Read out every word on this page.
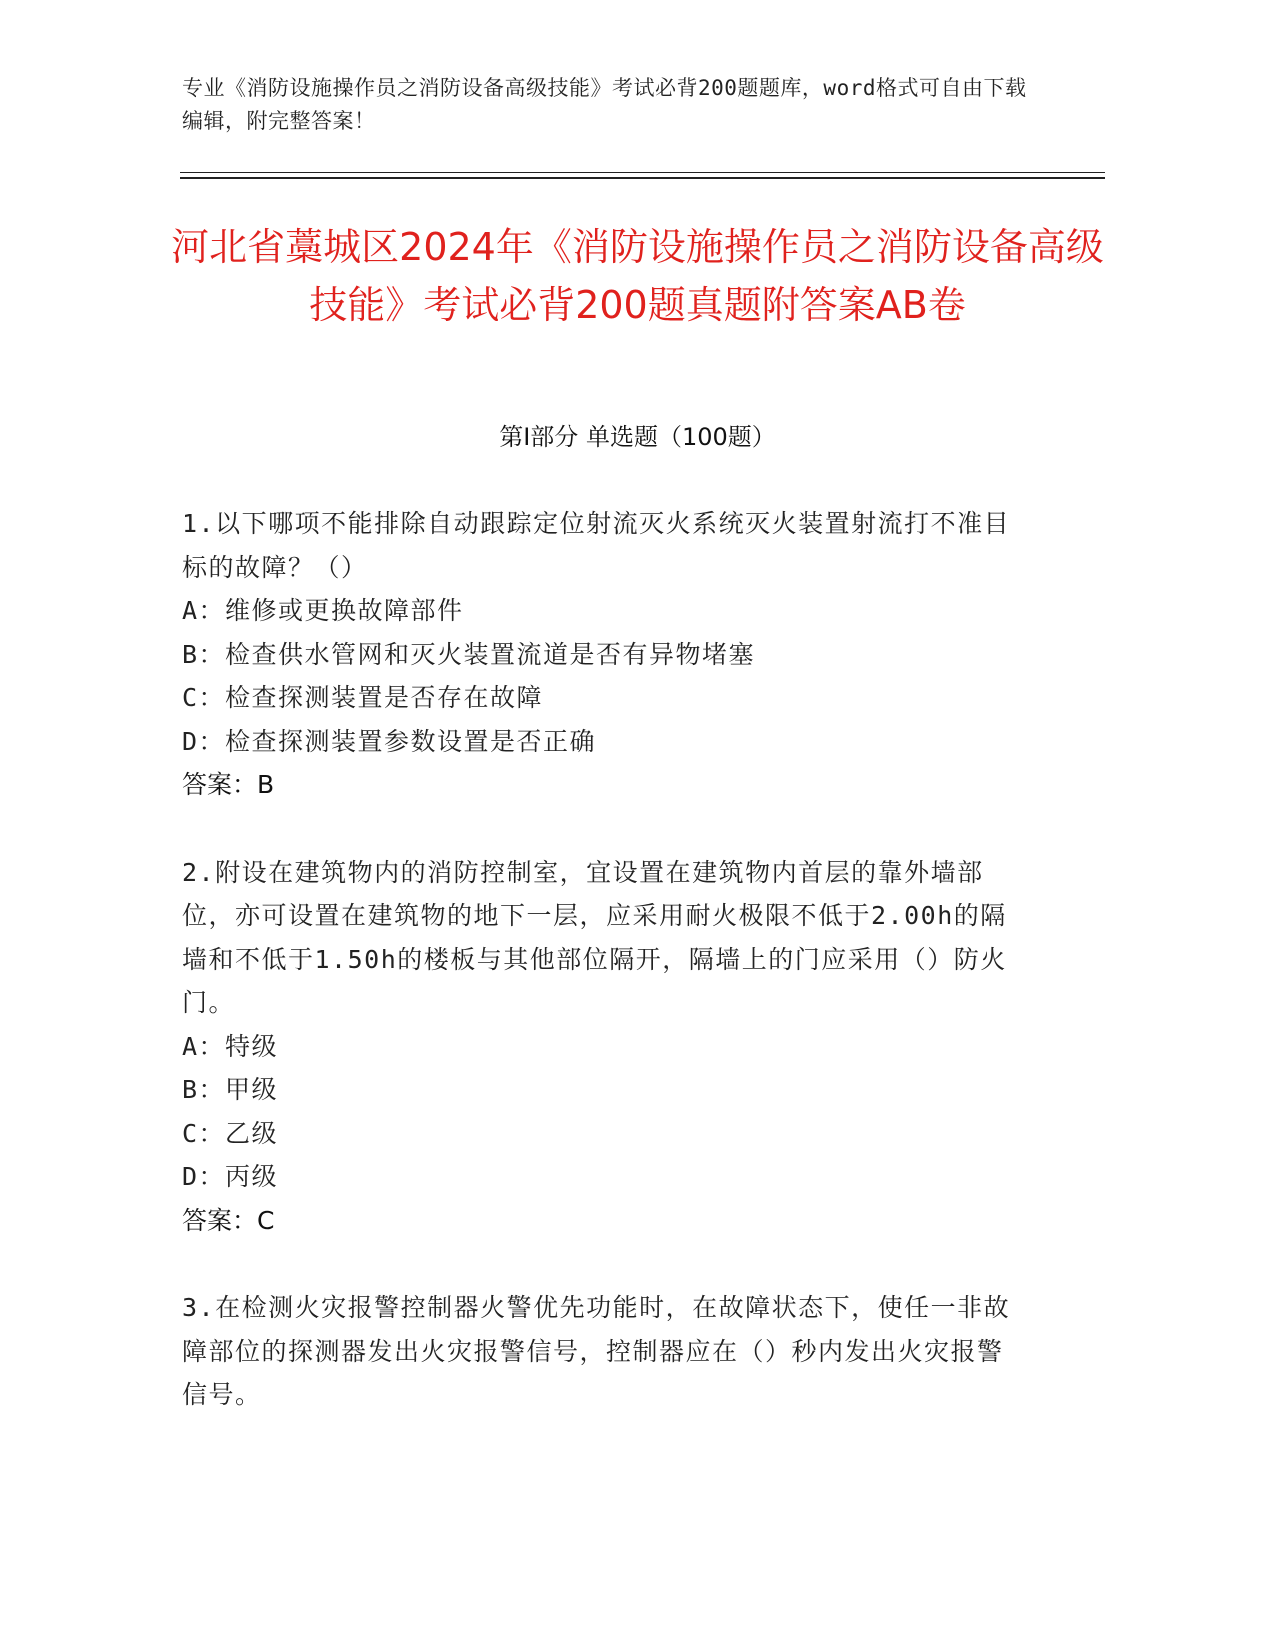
专业《消防设施操作员之消防设备高级技能》考试必背200题题库，word格式可自由下载编辑，附完整答案！
河北省藁城区2024年《消防设施操作员之消防设备高级技能》考试必背200题真题附答案AB卷
第I部分 单选题（100题）

1.以下哪项不能排除自动跟踪定位射流灭火系统灭火装置射流打不准目标的故障？（）

A：维修或更换故障部件

B：检查供水管网和灭火装置流道是否有异物堵塞

C：检查探测装置是否存在故障

D：检查探测装置参数设置是否正确

答案：B

2.附设在建筑物内的消防控制室，宜设置在建筑物内首层的靠外墙部位，亦可设置在建筑物的地下一层，应采用耐火极限不低于2.00h的隔墙和不低于1.50h的楼板与其他部位隔开，隔墙上的门应采用（）防火门。

A：特级

B：甲级

C：乙级

D：丙级

答案：C

3.在检测火灾报警控制器火警优先功能时，在故障状态下，使任一非故障部位的探测器发出火灾报警信号，控制器应在（）秒内发出火灾报警信号。
